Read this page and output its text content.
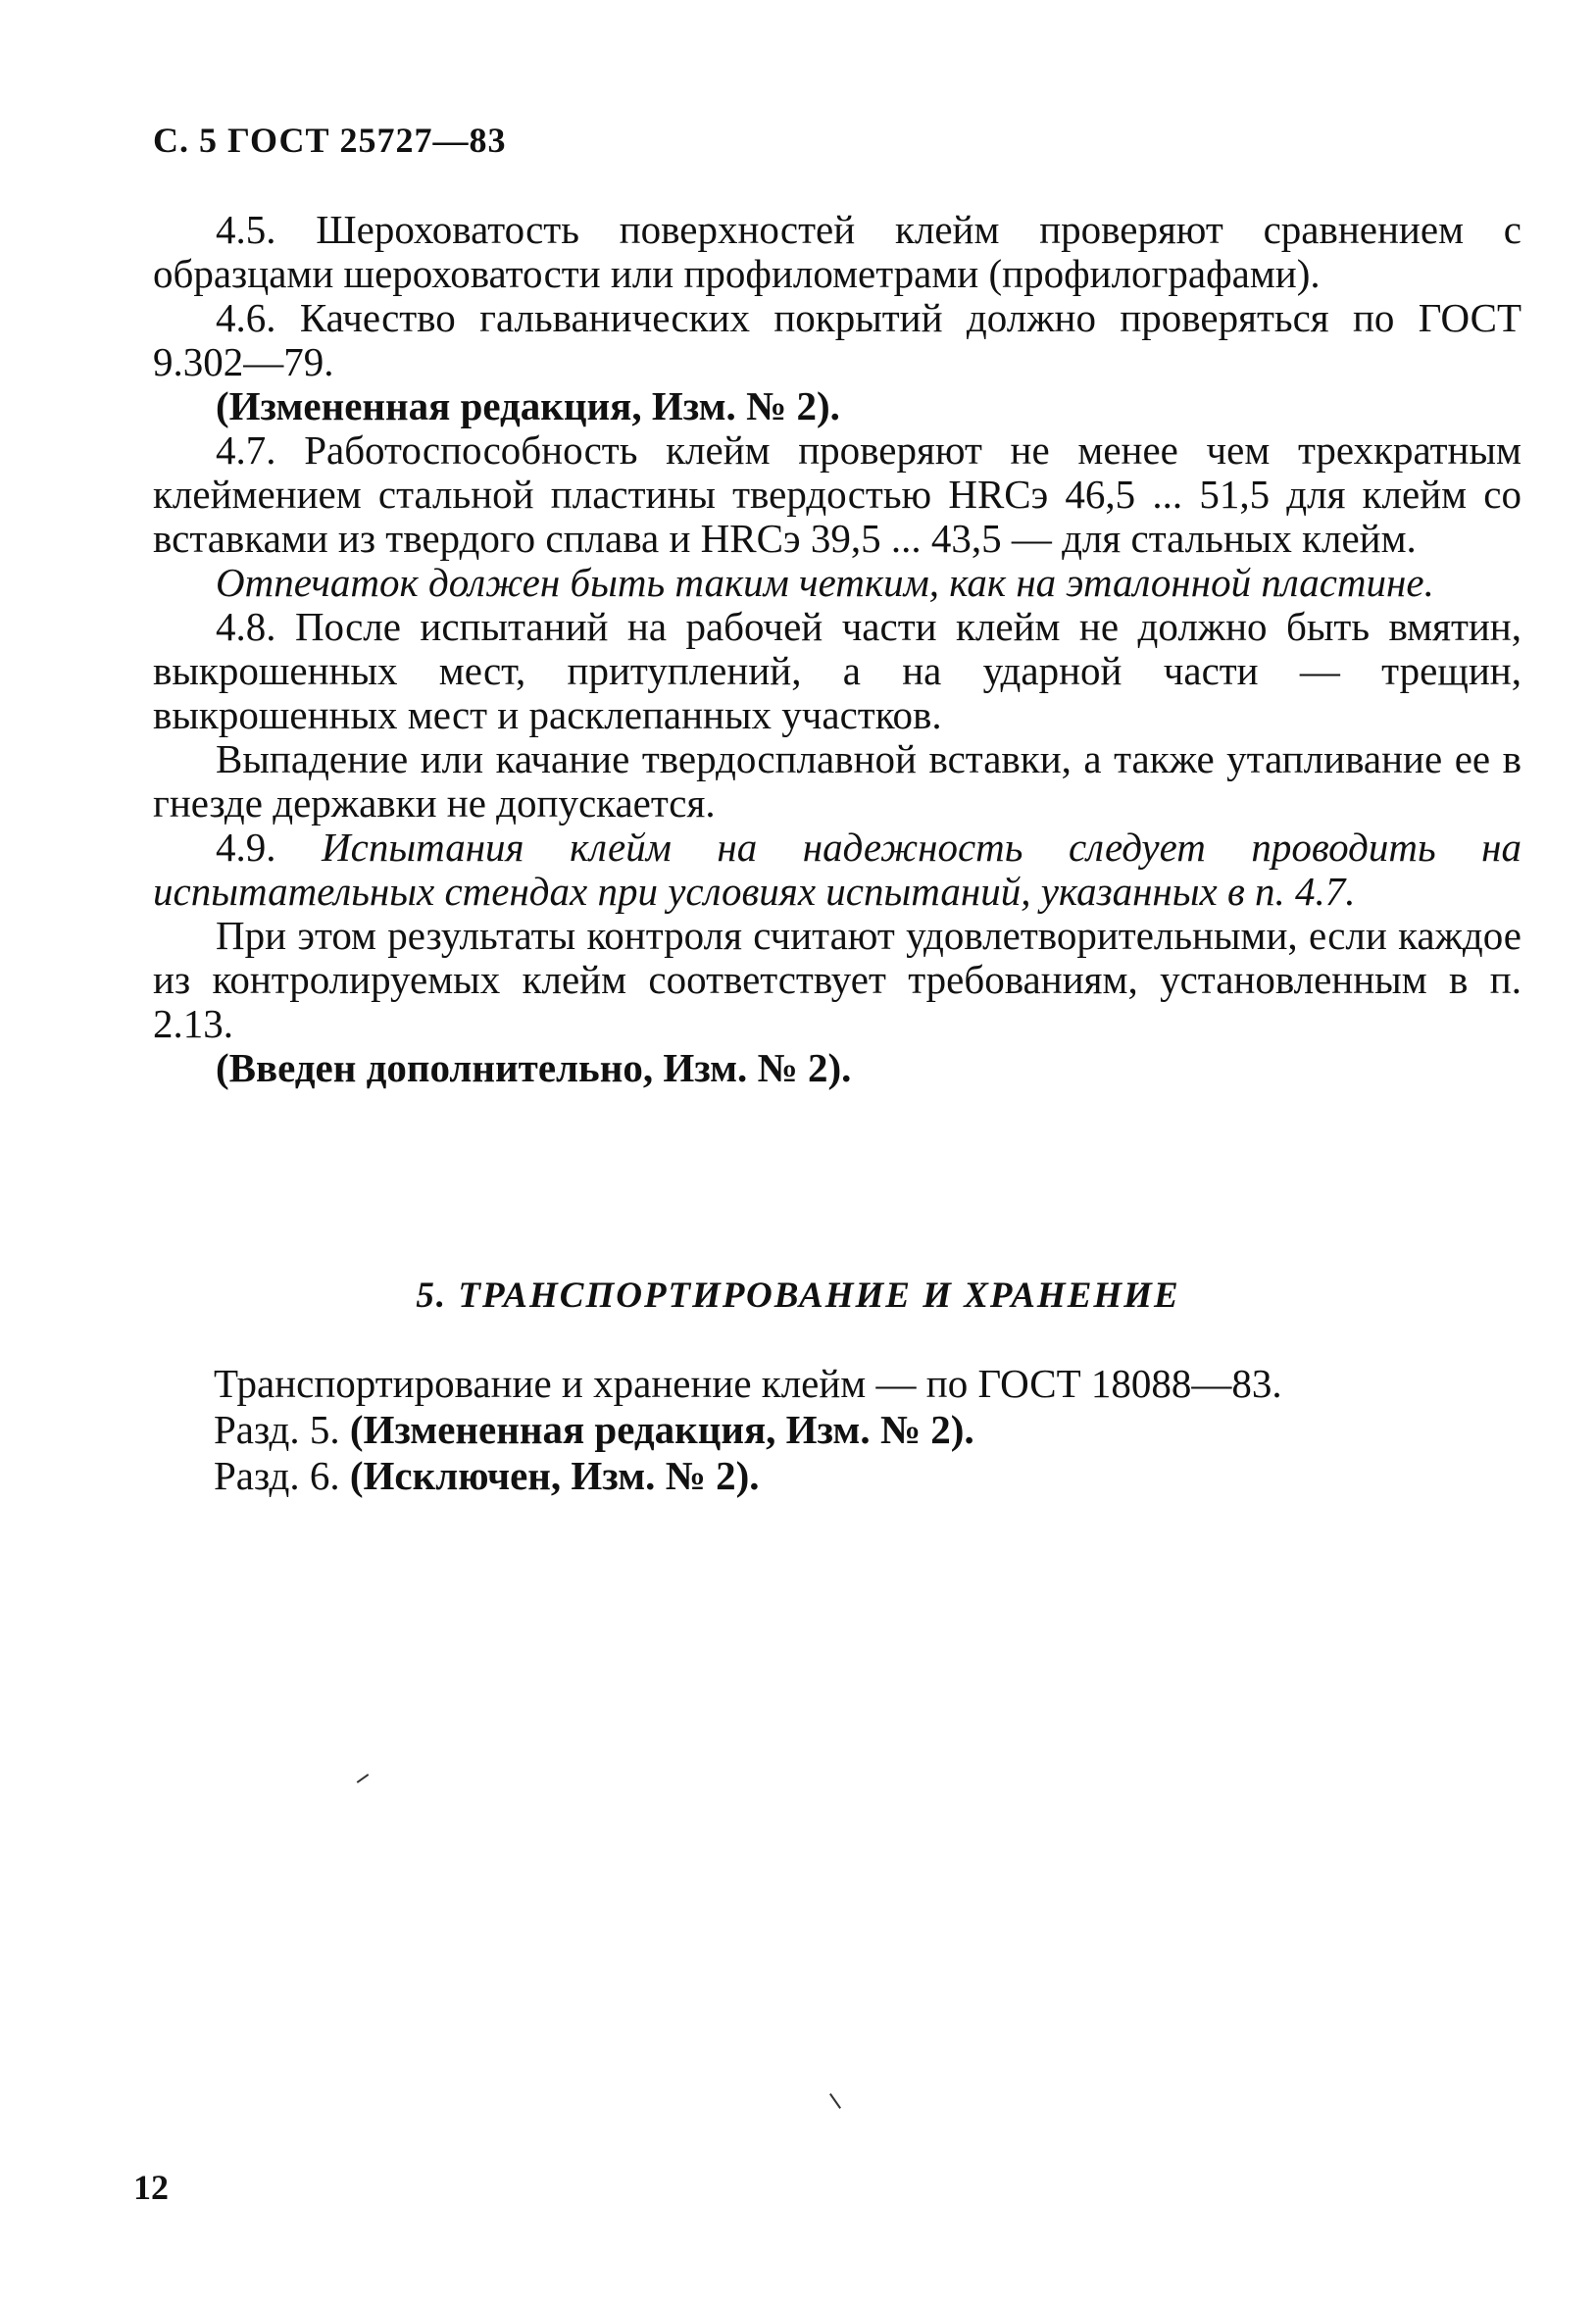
С. 5 ГОСТ 25727—83

4.5. Шероховатость поверхностей клейм проверяют сравнением с образцами шероховатости или профилометрами (профилографами).

4.6. Качество гальванических покрытий должно проверяться по ГОСТ 9.302—79.

(Измененная редакция, Изм. № 2).

4.7. Работоспособность клейм проверяют не менее чем трехкратным клеймением стальной пластины твердостью HRCэ 46,5 ... 51,5 для клейм со вставками из твердого сплава и HRCэ 39,5 ... 43,5 — для стальных клейм.

Отпечаток должен быть таким четким, как на эталонной пластине.

4.8. После испытаний на рабочей части клейм не должно быть вмятин, выкрошенных мест, притуплений, а на ударной части — трещин, выкрошенных мест и расклепанных участков.

Выпадение или качание твердосплавной вставки, а также утапливание ее в гнезде державки не допускается.

4.9. Испытания клейм на надежность следует проводить на испытательных стендах при условиях испытаний, указанных в п. 4.7.

При этом результаты контроля считают удовлетворительными, если каждое из контролируемых клейм соответствует требованиям, установленным в п. 2.13.

(Введен дополнительно, Изм. № 2).

5. ТРАНСПОРТИРОВАНИЕ И ХРАНЕНИЕ

Транспортирование и хранение клейм — по ГОСТ 18088—83.

Разд. 5. (Измененная редакция, Изм. № 2).

Разд. 6. (Исключен, Изм. № 2).

12
